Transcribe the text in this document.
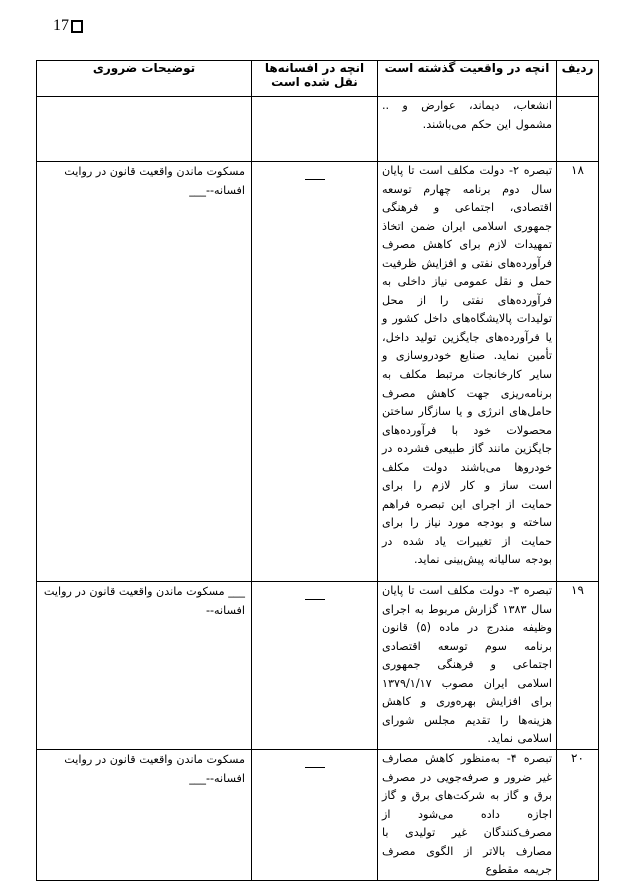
17
ردیف	انچه در واقعیت گذشته است	انچه در افسانه‌ها نقل شده است	توضیحات ضروری
	انشعاب، دیماند، عوارض و .. مشمول این حکم می‌باشند.		
۱۸	تبصره ۲- دولت مکلف است تا پایان سال دوم برنامه چهارم توسعه اقتصادی، اجتماعی و فرهنگی جمهوری اسلامی ایران ضمن اتخاذ تمهیدات لازم برای کاهش مصرف فرآورده‌های نفتی و افزایش ظرفیت حمل و نقل عمومی نیاز داخلی به فرآورده‌های نفتی را از محل تولیدات پالایشگاه‌های داخل کشور و یا فرآورده‌های جایگزین تولید داخل، تأمین نماید. صنایع خودروسازی و سایر کارخانجات مرتبط مکلف به برنامه‌ریزی جهت کاهش مصرف حامل‌های انرژی و یا سازگار ساختن محصولات خود با فرآورده‌های جایگزین مانند گاز طبیعی فشرده در خودروها می‌باشند دولت مکلف است ساز و کار لازم را برای حمایت از اجرای این تبصره فراهم ساخته و بودجه مورد نیاز را برای حمایت از تغییرات یاد شده در بودجه سالیانه پیش‌بینی نماید.		مسکوت ماندن واقعیت قانون در روایت افسانه--___
۱۹	تبصره ۳- دولت مکلف است تا پایان سال ۱۳۸۳ گزارش مربوط به اجرای وظیفه مندرج در ماده (۵) قانون برنامه سوم توسعه اقتصادی اجتماعی و فرهنگی جمهوری اسلامی ایران مصوب ۱۳۷۹/۱/۱۷ برای افزایش بهره‌وری و کاهش هزینه‌ها را تقدیم مجلس شورای اسلامی نماید.		___ مسکوت ماندن واقعیت قانون در روایت افسانه--
۲۰	تبصره ۴- به‌منظور کاهش مصارف غیر ضرور و صرفه‌جویی در مصرف برق و گاز به شرکت‌های برق و گاز اجازه داده می‌شود از مصرف‌کنندگان غیر تولیدی با مصارف بالاتر از الگوی مصرف جریمه مقطوع		مسکوت ماندن واقعیت قانون در روایت افسانه--___
